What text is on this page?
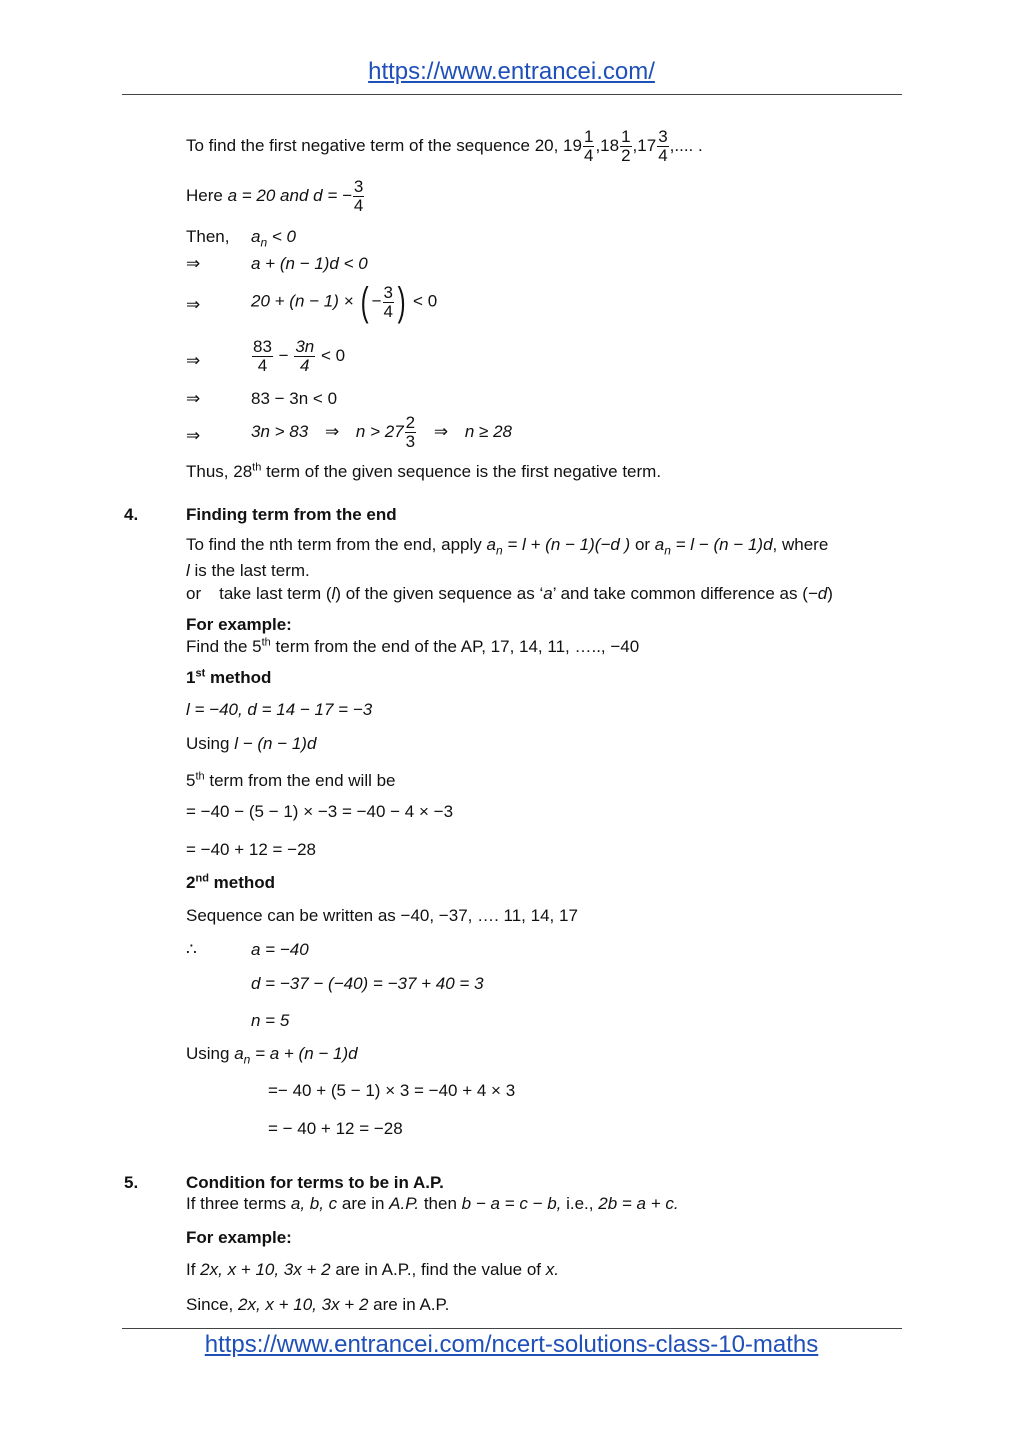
https://www.entrancei.com/
To find the first negative term of the sequence 20, $19 \frac{1}{4} ,18 \frac{1}{2} ,17 \frac{3}{4}$ ,.... .
Here a = 20 and d = − $\frac{3}{4}$
Then, $a_n < 0$
⇒	a + (n − 1)d < 0
⇒	20 + (n − 1) × ( − $\frac{3}{4}$ ) < 0
⇒	$\frac{83}{4} - \frac{3n}{4} < 0$
⇒	83 − 3n < 0
⇒	3n > 83 ⇒ $n > 27 \frac{2}{3}$ ⇒ n ≥ 28
Thus, 28th term of the given sequence is the first negative term.
4.	Finding term from the end
To find the nth term from the end, apply $a_n = l + (n - 1)(-d$ ) or $a_n = l - (n - 1)d$, where
l is the last term.
or take last term (l) of the given sequence as ‘a’ and take common difference as (−d)
For example:
Find the 5th term from the end of the AP, 17, 14, 11, ….., −40
1st method
l = −40, d = 14 − 17 = −3
Using l − (n − 1)d
5th term from the end will be
= −40 − (5 − 1) × −3 = −40 − 4 × −3
= −40 + 12 = −28
2nd method
Sequence can be written as −40, −37, …. 11, 14, 17
∴	a = −40
d = −37 − (−40) = −37 + 40 = 3
n = 5
Using $a_n = a + (n - 1)d$
=− 40 + (5 − 1) × 3 = −40 + 4 × 3
= − 40 + 12 = −28
5.	Condition for terms to be in A.P.
If three terms a, b, c are in A.P. then b − a = c − b, i.e., 2b = a + c.
For example:
If 2x, x + 10, 3x + 2 are in A.P., find the value of x.
Since, 2x, x + 10, 3x + 2 are in A.P.
https://www.entrancei.com/ncert-solutions-class-10-maths
